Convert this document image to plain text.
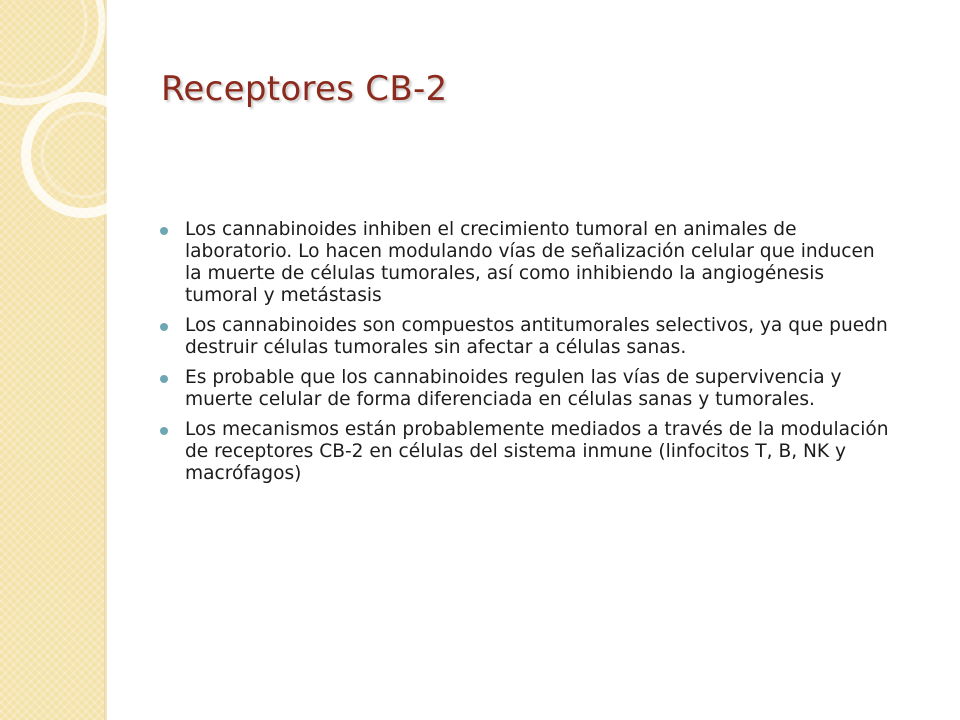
Receptores CB-2
Los cannabinoides inhiben el crecimiento tumoral en animales de laboratorio. Lo hacen modulando vías de señalización celular que inducen la muerte de células tumorales, así como inhibiendo la angiogénesis tumoral y metástasis
Los cannabinoides son compuestos antitumorales selectivos, ya que puedn destruir células tumorales sin afectar a células sanas.
Es probable que los cannabinoides regulen las vías de supervivencia y muerte celular de forma diferenciada en células sanas y tumorales.
Los mecanismos están probablemente mediados a través de la modulación de receptores CB-2 en células del sistema inmune (linfocitos T, B, NK y macrófagos)
